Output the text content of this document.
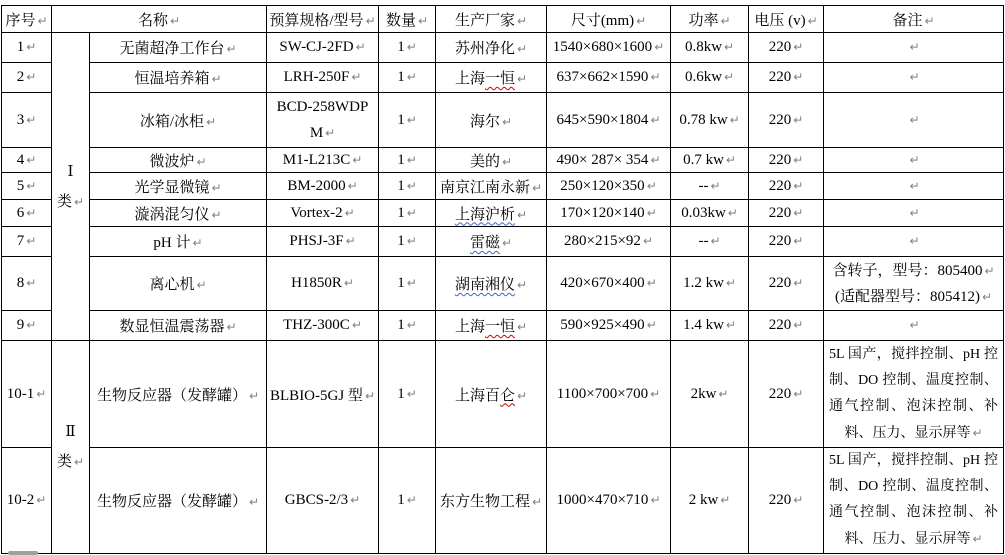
序号 ↵	名称 ↵		预算规格/型号 ↵	数量 ↵	生产厂家 ↵	尺寸(mm) ↵	功率 ↵	电压 (v) ↵	备注 ↵
1 ↵	Ⅰ
类 ↵	无菌超净工作台 ↵	SW-CJ-2FD ↵	1 ↵	苏州净化 ↵	1540×680×1600 ↵	0.8kw ↵	220 ↵	↵
2 ↵		恒温培养箱 ↵	LRH-250F ↵	1 ↵	上海一恒 ↵	637×662×1590 ↵	0.6kw ↵	220 ↵	↵
3 ↵		冰箱/冰柜 ↵	BCD-258WDPM ↵	1 ↵	海尔 ↵	645×590×1804 ↵	0.78 kw ↵	220 ↵	↵
4 ↵		微波炉 ↵	M1-L213C ↵	1 ↵	美的 ↵	490× 287× 354 ↵	0.7 kw ↵	220 ↵	↵
5 ↵		光学显微镜 ↵	BM-2000 ↵	1 ↵	南京江南永新 ↵	250×120×350 ↵	-- ↵	220 ↵	↵
6 ↵		漩涡混匀仪 ↵	Vortex-2 ↵	1 ↵	上海沪析 ↵	170×120×140 ↵	0.03kw ↵	220 ↵	↵
7 ↵		pH 计 ↵	PHSJ-3F ↵	1 ↵	雷磁 ↵	280×215×92 ↵	-- ↵	220 ↵	↵
8 ↵		离心机 ↵	H1850R ↵	1 ↵	湖南湘仪 ↵	420×670×400 ↵	1.2 kw ↵	220 ↵	含转子，型号：805400 ↵
(适配器型号：805412) ↵

9 ↵		数显恒温震荡器 ↵	THZ-300C ↵	1 ↵	上海一恒 ↵	590×925×490 ↵	1.4 kw ↵	220 ↵	↵
10-1 ↵	Ⅱ
类 ↵	生物反应器（发酵罐） ↵	BLBIO-5GJ 型 ↵	1 ↵	上海百仑 ↵	1100×700×700 ↵	2kw ↵	220 ↵	5L 国产，搅拌控制、pH 控制、DO 控制、温度控制、通气控制、泡沫控制、补料、压力、显示屏等 ↵

10-2 ↵		生物反应器（发酵罐） ↵	GBCS-2/3 ↵	1 ↵	东方生物工程 ↵	1000×470×710 ↵	2 kw ↵	220 ↵	5L 国产，搅拌控制、pH 控制、DO 控制、温度控制、通气控制、泡沫控制、补料、压力、显示屏等 ↵
